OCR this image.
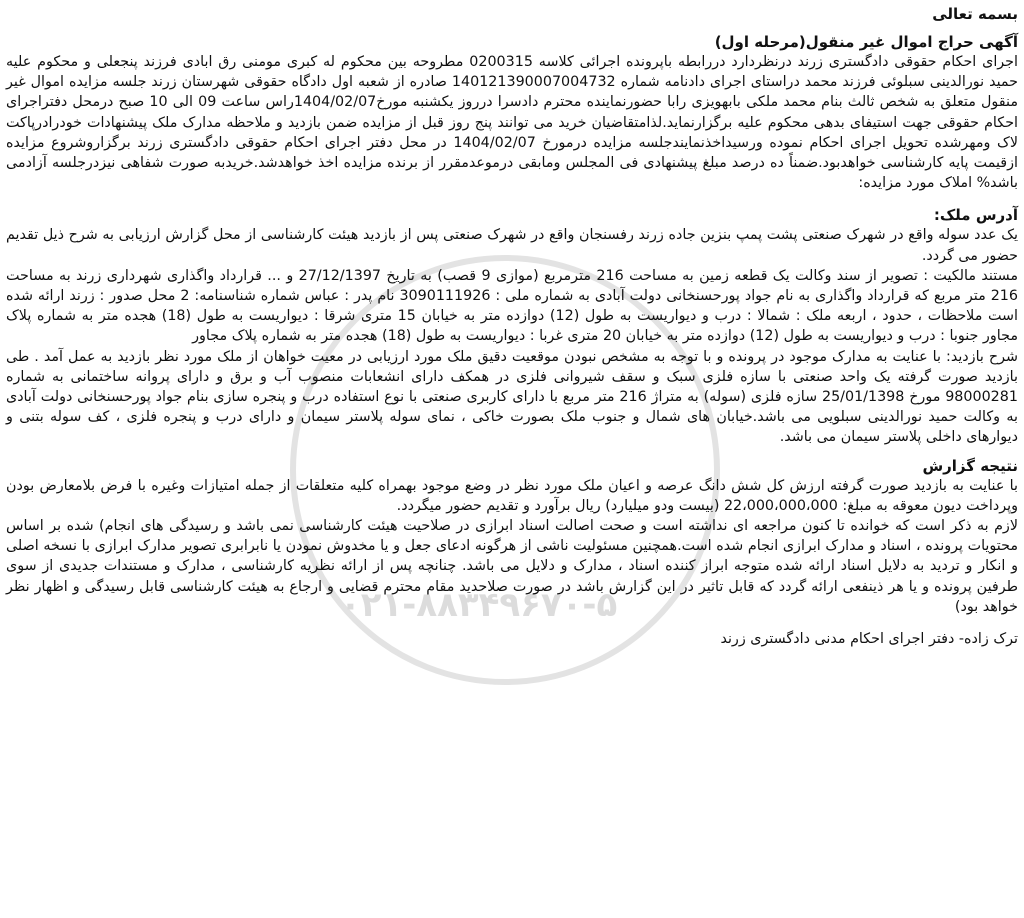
۰۲۱-۸۸۳۴۹۶۷۰-۵
بسمه تعالی
آگهی حراج اموال غیر منقول(مرحله اول)

اجرای احکام حقوقی دادگستری زرند درنظردارد دررابطه باپرونده اجرائی کلاسه 0200315 مطروحه بین محکوم له کبری مومنی رق ابادی فرزند پنجعلی و محکوم علیه حمید نورالدینی سبلوئی فرزند محمد دراستای اجرای دادنامه شماره 140121390007004732 صادره از شعبه اول دادگاه حقوقی شهرستان زرند جلسه مزایده اموال غیر منقول متعلق به شخص ثالث بنام محمد ملکی بابهویزی رابا حضورنماینده محترم دادسرا درروز یکشنبه مورخ1404/02/07راس ساعت 09 الی 10 صبح درمحل دفتراجرای احکام حقوقی جهت استیفای بدهی محکوم علیه برگزارنماید.لذامتقاضیان خرید می توانند پنج روز قبل از مزایده ضمن بازدید و ملاحظه مدارک ملک پیشنهادات خودرادرپاکت لاک ومهرشده تحویل اجرای احکام نموده ورسیداخذنمایندجلسه مزایده درمورخ 1404/02/07 در محل دفتر اجرای احکام حقوقی دادگستری زرند برگزاروشروع مزایده ازقیمت پایه کارشناسی خواهدبود.ضمناً ده درصد مبلغ پیشنهادی فی المجلس ومابقی درموعدمقرر از برنده مزایده اخذ خواهدشد.خریدبه صورت شفاهی نیزدرجلسه آزادمی باشد% املاک مورد مزایده:

آدرس ملک:

یک عدد سوله واقع در شهرک صنعتی پشت پمپ بنزین جاده زرند رفسنجان واقع در شهرک صنعتی پس از بازدید هیئت کارشناسی از محل گزارش ارزیابی به شرح ذیل تقدیم حضور می گردد.

مستند مالکیت : تصویر از سند وکالت یک قطعه زمین به مساحت 216 مترمربع (موازی 9 قصب) به تاریخ 27/12/1397 و ... قرارداد واگذاری شهرداری زرند به مساحت 216 متر مربع که قرارداد واگذاری به نام جواد پورحسنخانی دولت آبادی به شماره ملی : 3090111926 نام پدر : عباس شماره شناسنامه: 2 محل صدور : زرند ارائه شده است ملاحظات ، حدود ، اربعه ملک : شمالا : درب و دیواریست به طول (12) دوازده متر به خیابان 15 متری شرقا : دیواریست به طول (18) هجده متر به شماره پلاک مجاور جنوبا : درب و دیواریست به طول (12) دوازده متر به خیابان 20 متری غربا : دیواریست به طول (18) هجده متر به شماره پلاک مجاور

شرح بازدید: با عنایت به مدارک موجود در پرونده و با توجه به مشخص نبودن موقعیت دقیق ملک مورد ارزیابی در معیت خواهان از ملک مورد نظر بازدید به عمل آمد . طی بازدید صورت گرفته یک واحد صنعتی با سازه فلزی سبک و سقف شیروانی فلزی در همکف دارای انشعابات منصوب آب و برق و دارای پروانه ساختمانی به شماره 98000281 مورخ 25/01/1398 سازه فلزی (سوله) به متراژ 216 متر مربع با دارای کاربری صنعتی با نوع استفاده درب و پنجره سازی بنام جواد پورحسنخانی دولت آبادی به وکالت حمید نورالدینی سبلویی می باشد.خیابان های شمال و جنوب ملک بصورت خاکی ، نمای سوله پلاستر سیمان و دارای درب و پنجره فلزی ، کف سوله بتنی و دیوارهای داخلی پلاستر سیمان می باشد.

نتیجه گزارش

با عنایت به بازدید صورت گرفته ارزش کل شش دانگ عرصه و اعیان ملک مورد نظر در وضع موجود بهمراه کلیه متعلقات از جمله امتیازات وغیره با فرض بلامعارض بودن وپرداخت دیون معوقه به مبلغ: 22،000،000،000 (بیست ودو میلیارد) ریال برآورد و تقدیم حضور میگردد.

لازم به ذکر است که خوانده تا کنون مراجعه ای نداشته است و صحت اصالت اسناد ابرازی در صلاحیت هیئت کارشناسی نمی باشد و رسیدگی های انجام) شده بر اساس محتویات پرونده ، اسناد و مدارک ابرازی انجام شده است.همچنین مسئولیت ناشی از هرگونه ادعای جعل و یا مخدوش نمودن یا نابرابری تصویر مدارک ابرازی با نسخه اصلی و انکار و تردید به دلایل اسناد ارائه شده متوجه ابراز کننده اسناد ، مدارک و دلایل می باشد. چنانچه پس از ارائه نظریه کارشناسی ، مدارک و مستندات جدیدی از سوی طرفین پرونده و یا هر ذینفعی ارائه گردد که قابل تاثیر در این گزارش باشد در صورت صلاحدید مقام محترم قضایی و ارجاع به هیئت کارشناسی قابل رسیدگی و اظهار نظر خواهد بود)

ترک زاده- دفتر اجرای احکام مدنی دادگستری زرند
